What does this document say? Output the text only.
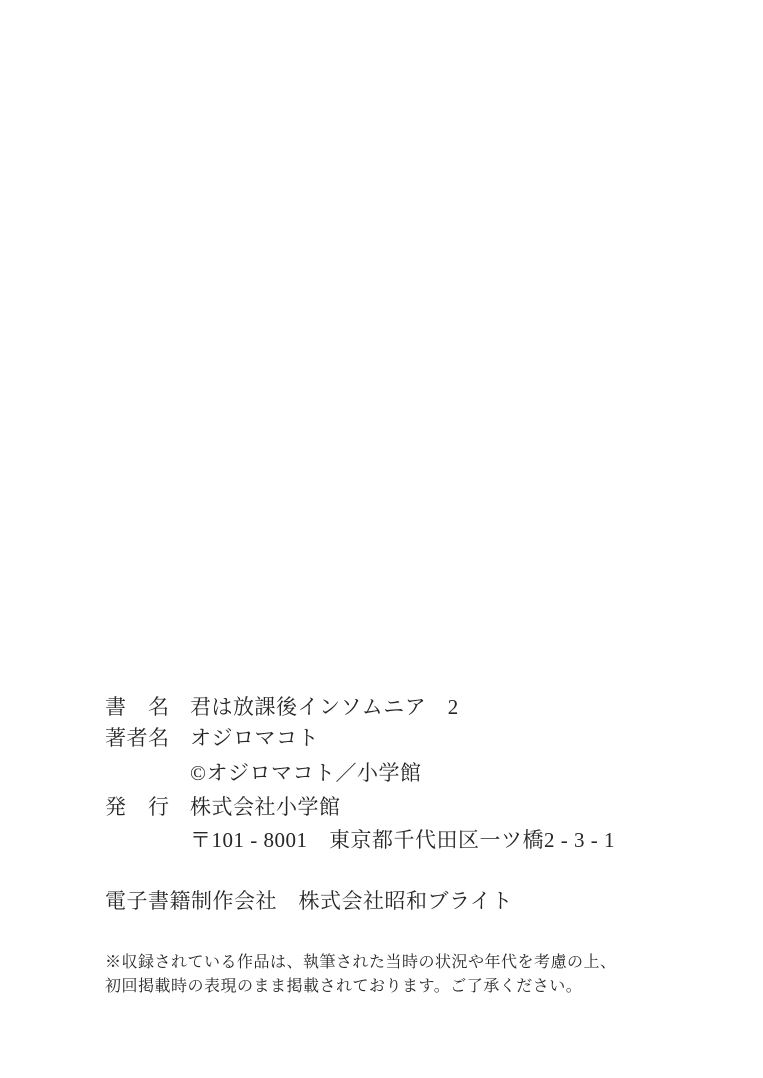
書　名 君は放課後インソムニア　2
著者名 オジロマコト
©オジロマコト／小学館
発　行 株式会社小学館
〒101 - 8001　東京都千代田区一ツ橋2 - 3 - 1
電子書籍制作会社　株式会社昭和ブライト
※収録されている作品は、執筆された当時の状況や年代を考慮の上、
初回掲載時の表現のまま掲載されております。ご了承ください。
